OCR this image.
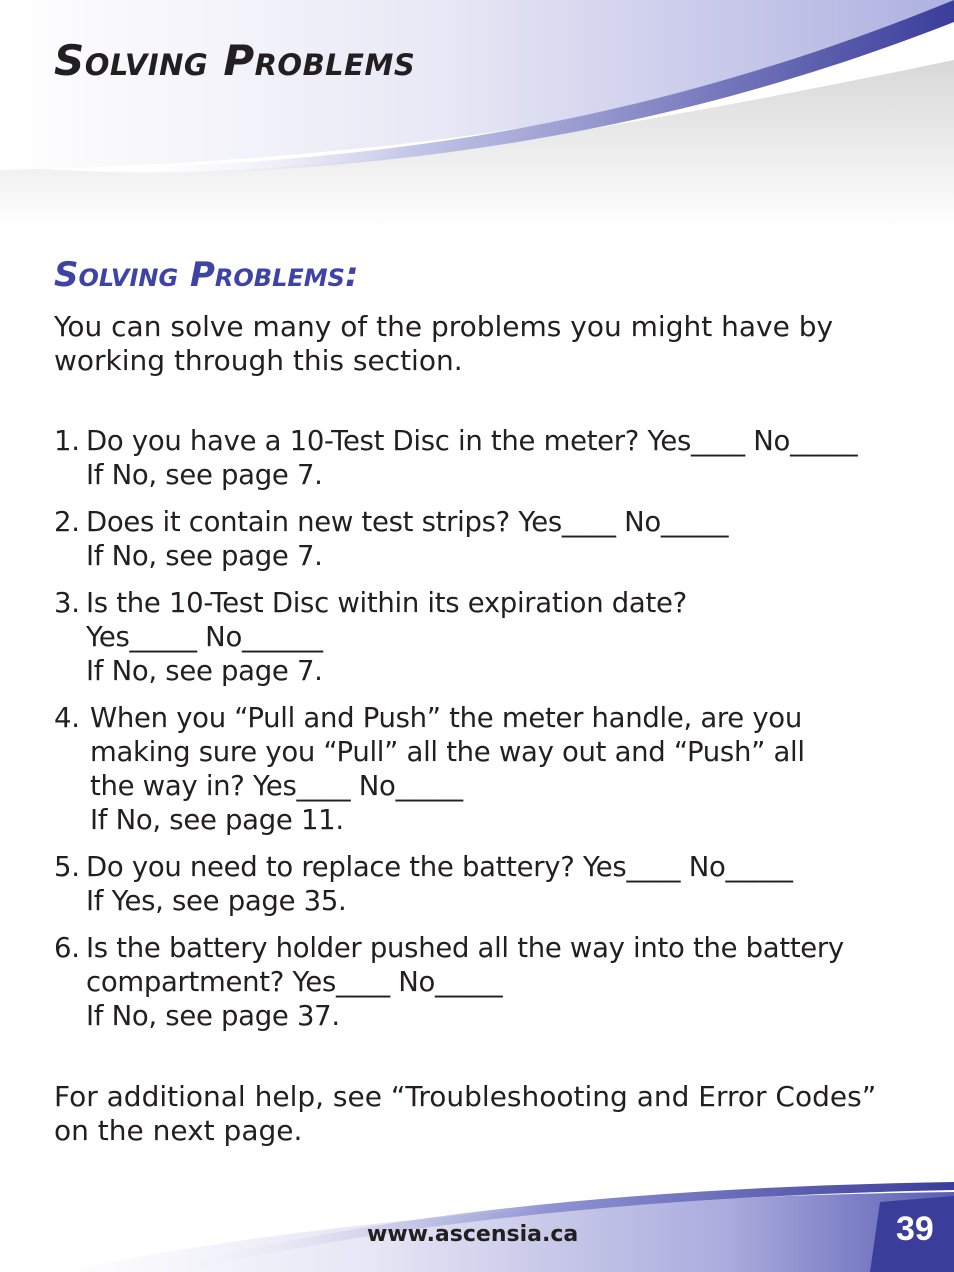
Solving Problems
Solving Problems:

You can solve many of the problems you might have by working through this section.

1. Do you have a 10-Test Disc in the meter? Yes____ No_____
If No, see page 7.
2. Does it contain new test strips? Yes____ No_____
If No, see page 7.
3. Is the 10-Test Disc within its expiration date?
Yes_____ No______
If No, see page 7.
4. When you “Pull and Push” the meter handle, are you
making sure you “Pull” all the way out and “Push” all
the way in? Yes____ No_____
If No, see page 11.
5. Do you need to replace the battery? Yes____ No_____
If Yes, see page 35.
6. Is the battery holder pushed all the way into the battery
compartment? Yes____ No_____
If No, see page 37.

For additional help, see “Troubleshooting and Error Codes” on the next page.

www.ascensia.ca	39
